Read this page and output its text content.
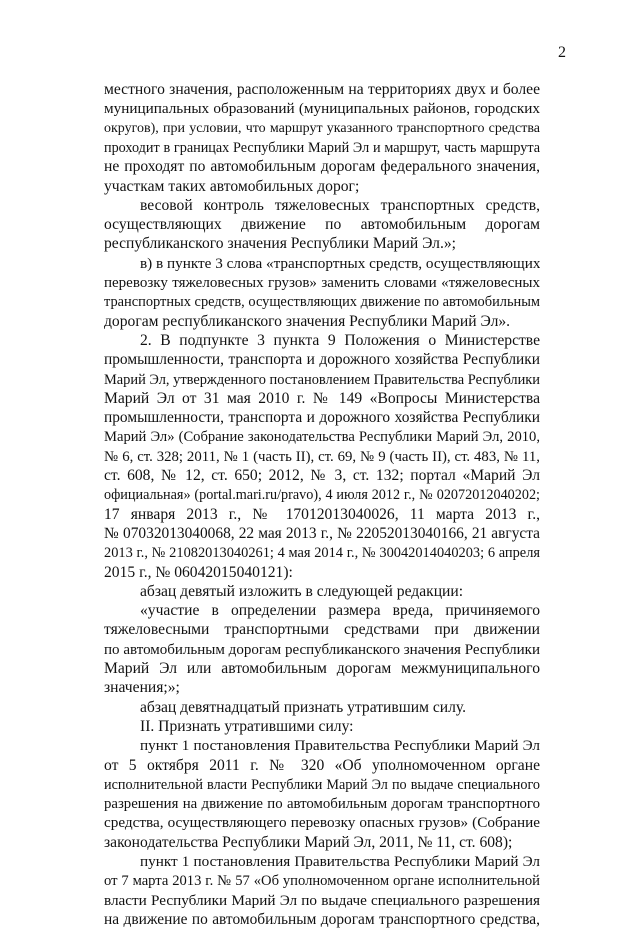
2
местного значения, расположенным на территориях двух и более
муниципальных образований (муниципальных районов, городских
округов), при условии, что маршрут указанного транспортного средства
проходит в границах Республики Марий Эл и маршрут, часть маршрута
не проходят по автомобильным дорогам федерального значения,
участкам таких автомобильных дорог;
весовой контроль тяжеловесных транспортных средств,
осуществляющих движение по автомобильным дорогам
республиканского значения Республики Марий Эл.»;
в) в пункте 3 слова «транспортных средств, осуществляющих
перевозку тяжеловесных грузов» заменить словами «тяжеловесных
транспортных средств, осуществляющих движение по автомобильным
дорогам республиканского значения Республики Марий Эл».
2. В подпункте 3 пункта 9 Положения о Министерстве
промышленности, транспорта и дорожного хозяйства Республики
Марий Эл, утвержденного постановлением Правительства Республики
Марий Эл от 31 мая 2010 г. № 149 «Вопросы Министерства
промышленности, транспорта и дорожного хозяйства Республики
Марий Эл» (Собрание законодательства Республики Марий Эл, 2010,
№ 6, ст. 328; 2011, № 1 (часть II), ст. 69, № 9 (часть II), ст. 483, № 11,
ст. 608, № 12, ст. 650; 2012, № 3, ст. 132; портал «Марий Эл
официальная» (portal.mari.ru/pravo), 4 июля 2012 г., № 02072012040202;
17 января 2013 г., № 17012013040026, 11 марта 2013 г.,
№ 07032013040068, 22 мая 2013 г., № 22052013040166, 21 августа
2013 г., № 21082013040261; 4 мая 2014 г., № 30042014040203; 6 апреля
2015 г., № 06042015040121):
абзац девятый изложить в следующей редакции:
«участие в определении размера вреда, причиняемого
тяжеловесными транспортными средствами при движении
по автомобильным дорогам республиканского значения Республики
Марий Эл или автомобильным дорогам межмуниципального
значения;»;
абзац девятнадцатый признать утратившим силу.
II. Признать утратившими силу:
пункт 1 постановления Правительства Республики Марий Эл
от 5 октября 2011 г. № 320 «Об уполномоченном органе
исполнительной власти Республики Марий Эл по выдаче специального
разрешения на движение по автомобильным дорогам транспортного
средства, осуществляющего перевозку опасных грузов» (Собрание
законодательства Республики Марий Эл, 2011, № 11, ст. 608);
пункт 1 постановления Правительства Республики Марий Эл
от 7 марта 2013 г. № 57 «Об уполномоченном органе исполнительной
власти Республики Марий Эл по выдаче специального разрешения
на движение по автомобильным дорогам транспортного средства,
